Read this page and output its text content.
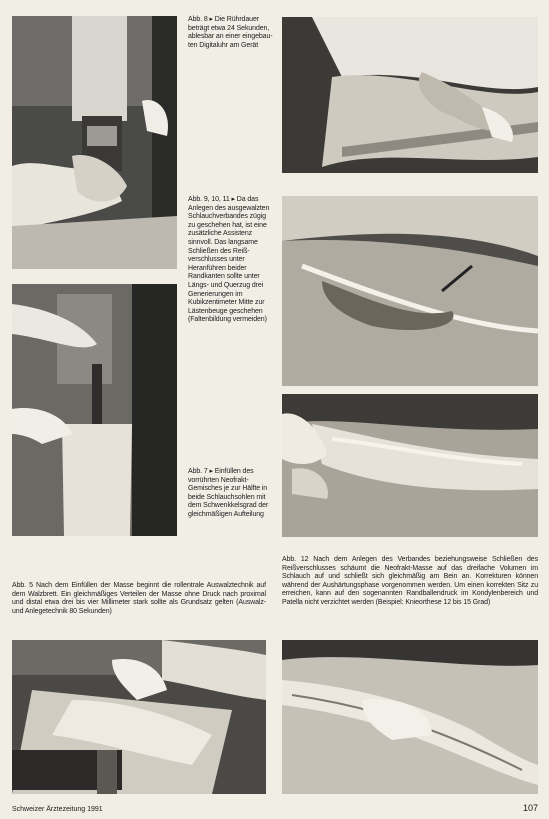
Abb. 8 ▸ Die Rührdauer beträgt etwa 24 Sekunden, ablesbar an einer eingebauten Digitaluhr am Gerät
Abb. 9, 10, 11 ▸ Da das Anlegen des ausgewalzten Schlauchverbandes zügig zu geschehen hat, ist eine zusätzliche Assistenz sinnvoll. Das langsame Schließen des Reißverschlusses unter Heranführen beider Randkanten sollte unter Längs- und Querzug drei Generierungen im Kubikzentimeter Mitte zur Lästenbeuge geschehen (Faltenbildung vermeiden)
Abb. 7 ▸ Einfüllen des vorrührten Neofrakt-Gemisches je zur Hälfte in beide Schlauchsohlen mit dem Schwenkkelsgrad der gleichmäßigen Aufteilung
Abb. 5 Nach dem Einfüllen der Masse beginnt die rollentrale Auswalztechnik auf dem Walzbrett. Ein gleichmäßiges Verteilen der Masse ohne Druck nach proximal und distal etwa drei bis vier Millimeter stark sollte als Grundsatz gelten (Auswalz- und Anlegetechnik 80 Sekunden)
Abb. 12 Nach dem Anlegen des Verbandes beziehungsweise Schließen des Reißverschlusses schäumt die Neofrakt-Masse auf das dreifache Volumen im Schlauch auf und schließt sich gleichmäßig am Bein an. Korrekturen können während der Aushärtungsphase vorgenommen werden. Um einen korrekten Sitz zu erreichen, kann auf den sogenannten Randballendruck im Kondylenbereich und Patella nicht verzichtet werden (Beispiel: Knieorthese 12 bis 15 Grad)
Schweizer Ärztezeitung 1991	107
